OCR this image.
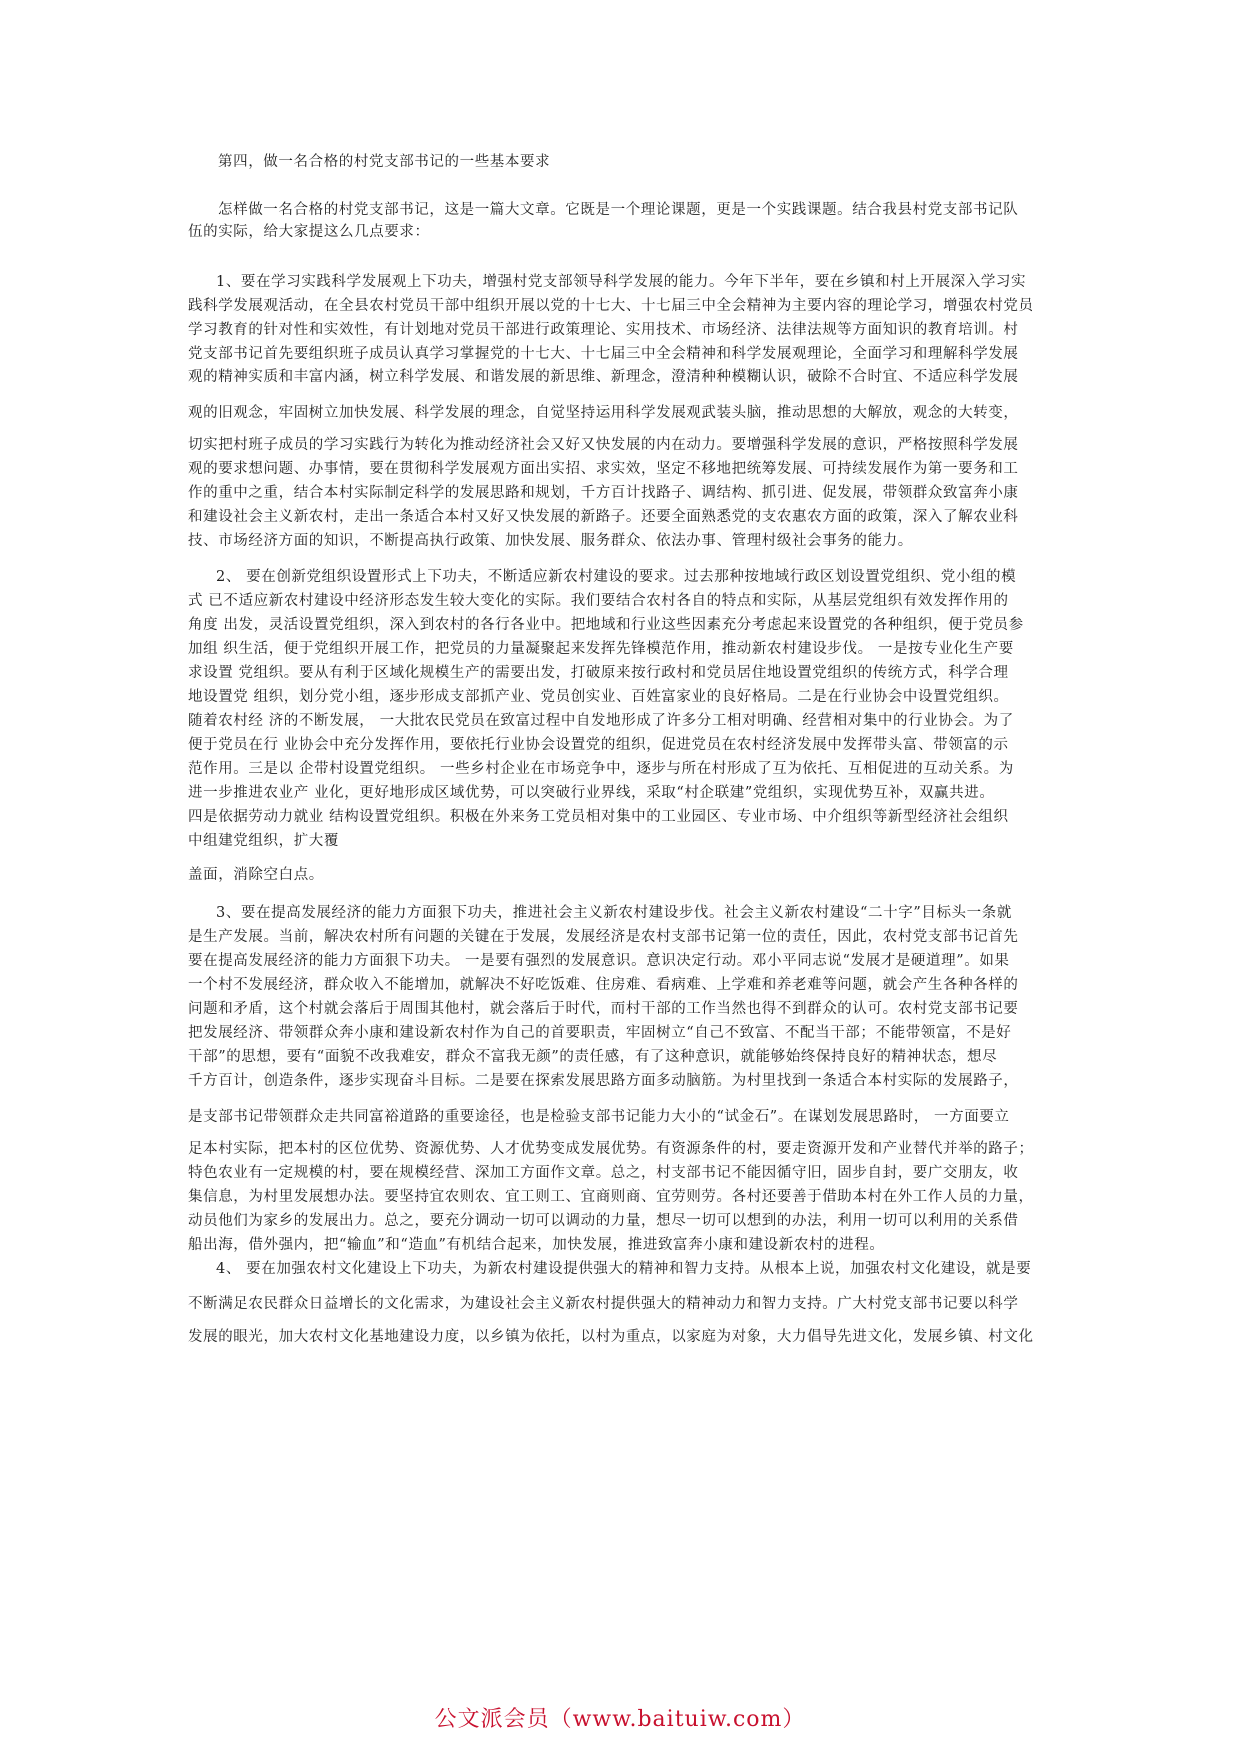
第四，做一名合格的村党支部书记的一些基本要求
怎样做一名合格的村党支部书记，这是一篇大文章。它既是一个理论课题，更是一个实践课题。结合我县村党支部书记队
伍的实际，给大家提这么几点要求：
1、要在学习实践科学发展观上下功夫，增强村党支部领导科学发展的能力。今年下半年，要在乡镇和村上开展深入学习实
践科学发展观活动，在全县农村党员干部中组织开展以党的十七大、十七届三中全会精神为主要内容的理论学习，增强农村党员
学习教育的针对性和实效性，有计划地对党员干部进行政策理论、实用技术、市场经济、法律法规等方面知识的教育培训。村
党支部书记首先要组织班子成员认真学习掌握党的十七大、十七届三中全会精神和科学发展观理论，全面学习和理解科学发展
观的精神实质和丰富内涵，树立科学发展、和谐发展的新思维、新理念，澄清种种模糊认识，破除不合时宜、不适应科学发展
观的旧观念，牢固树立加快发展、科学发展的理念，自觉坚持运用科学发展观武装头脑，推动思想的大解放，观念的大转变，
切实把村班子成员的学习实践行为转化为推动经济社会又好又快发展的内在动力。要增强科学发展的意识，严格按照科学发展
观的要求想问题、办事情，要在贯彻科学发展观方面出实招、求实效，坚定不移地把统筹发展、可持续发展作为第一要务和工
作的重中之重，结合本村实际制定科学的发展思路和规划，千方百计找路子、调结构、抓引进、促发展，带领群众致富奔小康
和建设社会主义新农村，走出一条适合本村又好又快发展的新路子。还要全面熟悉党的支农惠农方面的政策，深入了解农业科
技、市场经济方面的知识，不断提高执行政策、加快发展、服务群众、依法办事、管理村级社会事务的能力。
2、 要在创新党组织设置形式上下功夫，不断适应新农村建设的要求。过去那种按地域行政区划设置党组织、党小组的模
式 已不适应新农村建设中经济形态发生较大变化的实际。我们要结合农村各自的特点和实际，从基层党组织有效发挥作用的
角度 出发，灵活设置党组织，深入到农村的各行各业中。把地域和行业这些因素充分考虑起来设置党的各种组织，便于党员参
加组 织生活，便于党组织开展工作，把党员的力量凝聚起来发挥先锋模范作用，推动新农村建设步伐。 一是按专业化生产要
求设置 党组织。要从有利于区域化规模生产的需要出发，打破原来按行政村和党员居住地设置党组织的传统方式，科学合理
地设置党 组织，划分党小组，逐步形成支部抓产业、党员创实业、百姓富家业的良好格局。二是在行业协会中设置党组织。
随着农村经 济的不断发展， 一大批农民党员在致富过程中自发地形成了许多分工相对明确、经营相对集中的行业协会。为了
便于党员在行 业协会中充分发挥作用，要依托行业协会设置党的组织，促进党员在农村经济发展中发挥带头富、带领富的示
范作用。三是以 企带村设置党组织。 一些乡村企业在市场竞争中，逐步与所在村形成了互为依托、互相促进的互动关系。为
进一步推进农业产 业化，更好地形成区域优势，可以突破行业界线，采取“村企联建”党组织，实现优势互补，双赢共进。
四是依据劳动力就业 结构设置党组织。积极在外来务工党员相对集中的工业园区、专业市场、中介组织等新型经济社会组织
中组建党组织，扩大覆
盖面，消除空白点。
3、要在提高发展经济的能力方面狠下功夫，推进社会主义新农村建设步伐。社会主义新农村建设“二十字”目标头一条就
是生产发展。当前，解决农村所有问题的关键在于发展，发展经济是农村支部书记第一位的责任，因此，农村党支部书记首先
要在提高发展经济的能力方面狠下功夫。 一是要有强烈的发展意识。意识决定行动。邓小平同志说“发展才是硬道理”。如果
一个村不发展经济，群众收入不能增加，就解决不好吃饭难、住房难、看病难、上学难和养老难等问题，就会产生各种各样的
问题和矛盾，这个村就会落后于周围其他村，就会落后于时代，而村干部的工作当然也得不到群众的认可。农村党支部书记要
把发展经济、带领群众奔小康和建设新农村作为自己的首要职责，牢固树立“自己不致富、不配当干部；不能带领富，不是好
干部”的思想，要有“面貌不改我难安，群众不富我无颜”的责任感，有了这种意识，就能够始终保持良好的精神状态，想尽
千方百计，创造条件，逐步实现奋斗目标。二是要在探索发展思路方面多动脑筋。为村里找到一条适合本村实际的发展路子，
是支部书记带领群众走共同富裕道路的重要途径，也是检验支部书记能力大小的“试金石”。在谋划发展思路时， 一方面要立
足本村实际，把本村的区位优势、资源优势、人才优势变成发展优势。有资源条件的村，要走资源开发和产业替代并举的路子；
特色农业有一定规模的村，要在规模经营、深加工方面作文章。总之，村支部书记不能因循守旧，固步自封，要广交朋友，收
集信息，为村里发展想办法。要坚持宜农则农、宜工则工、宜商则商、宜劳则劳。各村还要善于借助本村在外工作人员的力量，
动员他们为家乡的发展出力。总之，要充分调动一切可以调动的力量，想尽一切可以想到的办法，利用一切可以利用的关系借
船出海，借外强内，把“输血”和“造血”有机结合起来，加快发展，推进致富奔小康和建设新农村的进程。
4、 要在加强农村文化建设上下功夫，为新农村建设提供强大的精神和智力支持。从根本上说，加强农村文化建设，就是要
不断满足农民群众日益增长的文化需求，为建设社会主义新农村提供强大的精神动力和智力支持。广大村党支部书记要以科学
发展的眼光，加大农村文化基地建设力度，以乡镇为依托，以村为重点，以家庭为对象，大力倡导先进文化，发展乡镇、村文化
公文派会员（www.baituiw.com）
